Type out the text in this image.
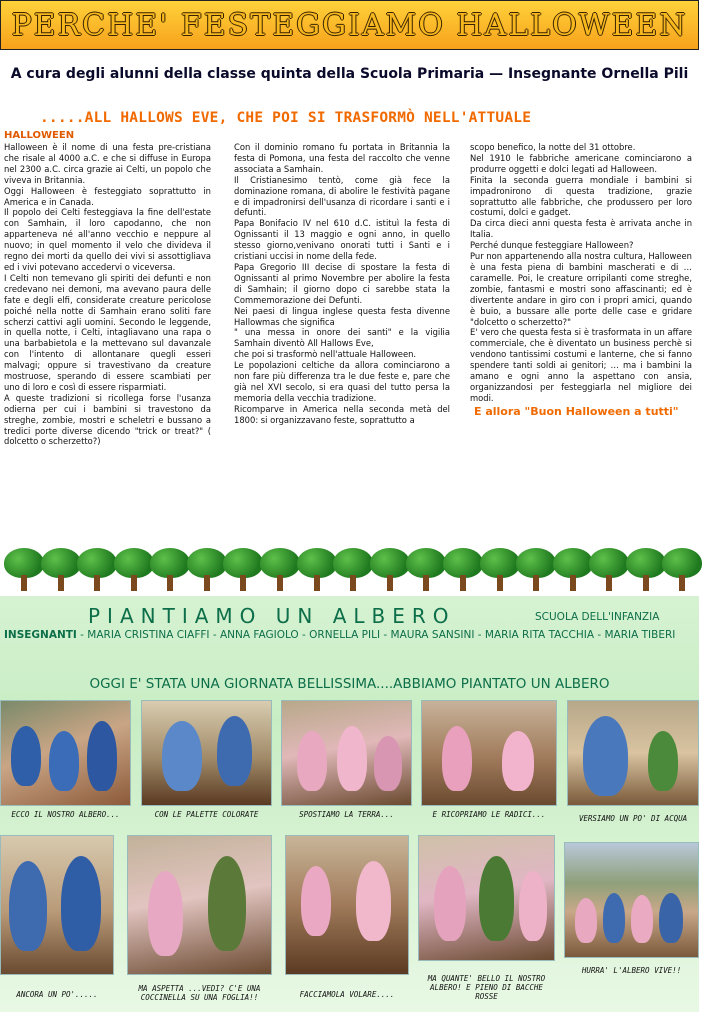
PERCHE' FESTEGGIAMO HALLOWEEN
A cura degli alunni della classe quinta della Scuola Primaria — Insegnante Ornella Pili
.....ALL HALLOWS EVE, CHE POI SI TRASFORMÒ NELL'ATTUALE
HALLOWEEN

Halloween è il nome di una festa pre-cristiana che risale al 4000 a.C. e che si diffuse in Europa nel 2300 a.C. circa grazie ai Celti, un popolo che viveva in Britannia.

Oggi Halloween è festeggiato soprattutto in America e in Canada.

Il popolo dei Celti festeggiava la fine dell'estate con Samhain, il loro capodanno, che non apparteneva né all'anno vecchio e neppure al nuovo; in quel momento il velo che divideva il regno dei morti da quello dei vivi si assottigliava ed i vivi potevano accedervi o viceversa.

I Celti non temevano gli spiriti dei defunti e non credevano nei demoni, ma avevano paura delle fate e degli elfi, considerate creature pericolose poiché nella notte di Samhain erano soliti fare scherzi cattivi agli uomini. Secondo le leggende, in quella notte, i Celti, intagliavano una rapa o una barbabietola e la mettevano sul davanzale con l'intento di allontanare quegli esseri malvagi; oppure si travestivano da creature mostruose, sperando di essere scambiati per uno di loro e così di essere risparmiati.

A queste tradizioni si ricollega forse l'usanza odierna per cui i bambini si travestono da streghe, zombie, mostri e scheletri e bussano a tredici porte diverse dicendo "trick or treat?" ( dolcetto o scherzetto?)

Con il dominio romano fu portata in Britannia la festa di Pomona, una festa del raccolto che venne associata a Samhain.

Il Cristianesimo tentò, come già fece la dominazione romana, di abolire le festività pagane e di impadronirsi dell'usanza di ricordare i santi e i defunti.

Papa Bonifacio IV nel 610 d.C. istituì la festa di Ognissanti il 13 maggio e ogni anno, in quello stesso giorno,venivano onorati tutti i Santi e i cristiani uccisi in nome della fede.

Papa Gregorio III decise di spostare la festa di Ognissanti al primo Novembre per abolire la festa di Samhain; il giorno dopo ci sarebbe stata la Commemorazione dei Defunti.

Nei paesi di lingua inglese questa festa divenne Hallowmas che significa

" una messa in onore dei santi" e la vigilia Samhain diventò All Hallows Eve,

che poi si trasformò nell'attuale Halloween.

Le popolazioni celtiche da allora cominciarono a non fare più differenza tra le due feste e, pare che già nel XVI secolo, si era quasi del tutto persa la memoria della vecchia tradizione.

Ricomparve in America nella seconda metà del 1800: si organizzavano feste, soprattutto a

scopo benefico, la notte del 31 ottobre.

Nel 1910 le fabbriche americane cominciarono a produrre oggetti e dolci legati ad Halloween.

Finita la seconda guerra mondiale i bambini si impadronirono di questa tradizione, grazie soprattutto alle fabbriche, che produssero per loro costumi, dolci e gadget.

Da circa dieci anni questa festa è arrivata anche in Italia.

Perché dunque festeggiare Halloween?

Pur non appartenendo alla nostra cultura, Halloween è una festa piena di bambini mascherati e di … caramelle. Poi, le creature orripilanti come streghe, zombie, fantasmi e mostri sono affascinanti; ed è divertente andare in giro con i propri amici, quando è buio, a bussare alle porte delle case e gridare "dolcetto o scherzetto?"

E' vero che questa festa si è trasformata in un affare commerciale, che è diventato un business perchè si vendono tantissimi costumi e lanterne, che si fanno spendere tanti soldi ai genitori; … ma i bambini la amano e ogni anno la aspettano con ansia, organizzandosi per festeggiarla nel migliore dei modi.

E allora "Buon Halloween a tutti"
PIANTIAMO UN ALBERO	SCUOLA DELL'INFANZIA
INSEGNANTI - MARIA CRISTINA CIAFFI - ANNA FAGIOLO - ORNELLA PILI - MAURA SANSINI - MARIA RITA TACCHIA - MARIA TIBERI
OGGI E' STATA UNA GIORNATA BELLISSIMA....ABBIAMO PIANTATO UN ALBERO
ECCO IL NOSTRO ALBERO...	CON LE PALETTE COLORATE	SPOSTIAMO LA TERRA...	E RICOPRIAMO LE RADICI...	VERSIAMO UN PO' DI ACQUA
ANCORA UN PO'.....
MA ASPETTA ...VEDI? C'E UNA COCCINELLA SU UNA FOGLIA!!	FACCIAMOLA VOLARE....
MA QUANTE' BELLO IL NOSTRO ALBERO! E PIENO DI BACCHE ROSSE
HURRA' L'ALBERO VIVE!!
